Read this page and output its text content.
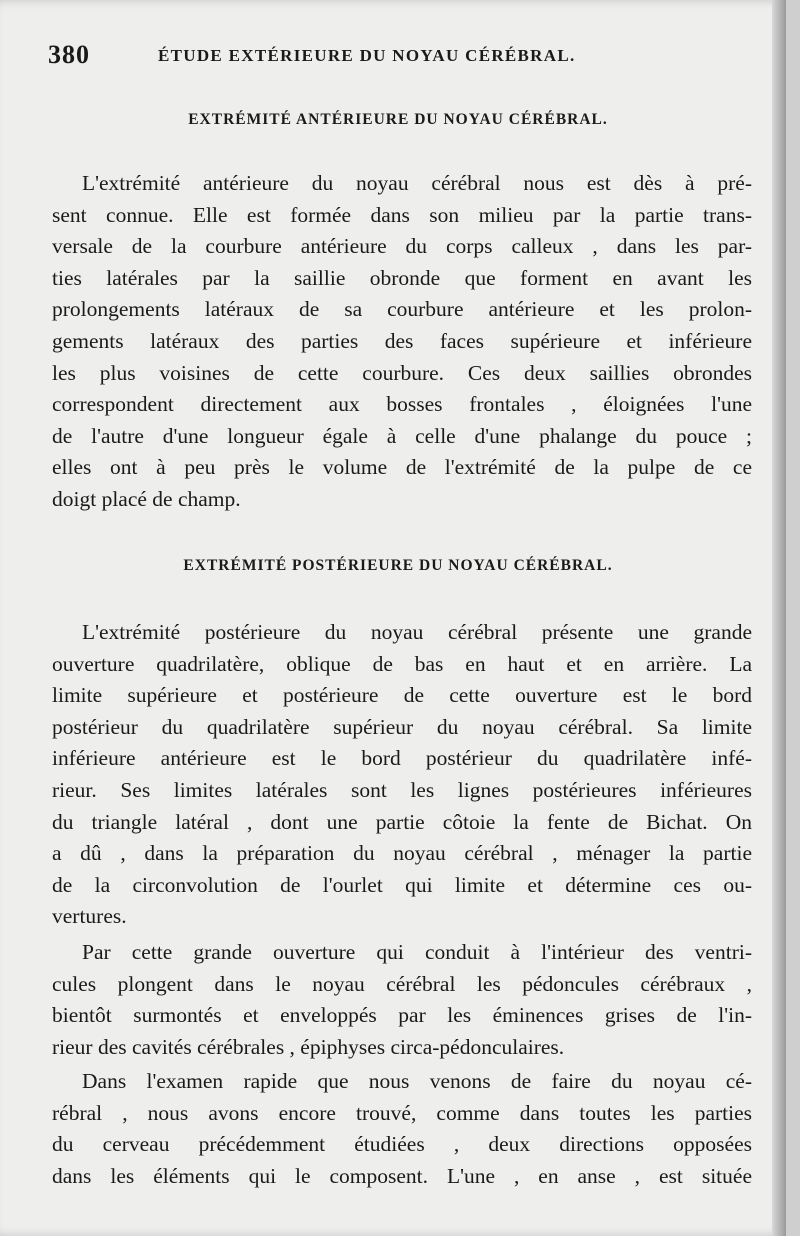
380	ÉTUDE EXTÉRIEURE DU NOYAU CÉRÉBRAL.
EXTRÉMITÉ ANTÉRIEURE DU NOYAU CÉRÉBRAL.

L'extrémité antérieure du noyau cérébral nous est dès à pré-
sent connue. Elle est formée dans son milieu par la partie trans-
versale de la courbure antérieure du corps calleux , dans les par-
ties latérales par la saillie obronde que forment en avant les
prolongements latéraux de sa courbure antérieure et les prolon-
gements latéraux des parties des faces supérieure et inférieure
les plus voisines de cette courbure. Ces deux saillies obrondes
correspondent directement aux bosses frontales , éloignées l'une
de l'autre d'une longueur égale à celle d'une phalange du pouce ;
elles ont à peu près le volume de l'extrémité de la pulpe de ce
doigt placé de champ.

EXTRÉMITÉ POSTÉRIEURE DU NOYAU CÉRÉBRAL.

L'extrémité postérieure du noyau cérébral présente une grande
ouverture quadrilatère, oblique de bas en haut et en arrière. La
limite supérieure et postérieure de cette ouverture est le bord
postérieur du quadrilatère supérieur du noyau cérébral. Sa limite
inférieure antérieure est le bord postérieur du quadrilatère infé-
rieur. Ses limites latérales sont les lignes postérieures inférieures
du triangle latéral , dont une partie côtoie la fente de Bichat. On
a dû , dans la préparation du noyau cérébral , ménager la partie
de la circonvolution de l'ourlet qui limite et détermine ces ou-
vertures.

Par cette grande ouverture qui conduit à l'intérieur des ventri-
cules plongent dans le noyau cérébral les pédoncules cérébraux ,
bientôt surmontés et enveloppés par les éminences grises de l'in-
rieur des cavités cérébrales , épiphyses circa-pédonculaires.

Dans l'examen rapide que nous venons de faire du noyau cé-
rébral , nous avons encore trouvé, comme dans toutes les parties
du cerveau précédemment étudiées , deux directions opposées
dans les éléments qui le composent. L'une , en anse , est située
